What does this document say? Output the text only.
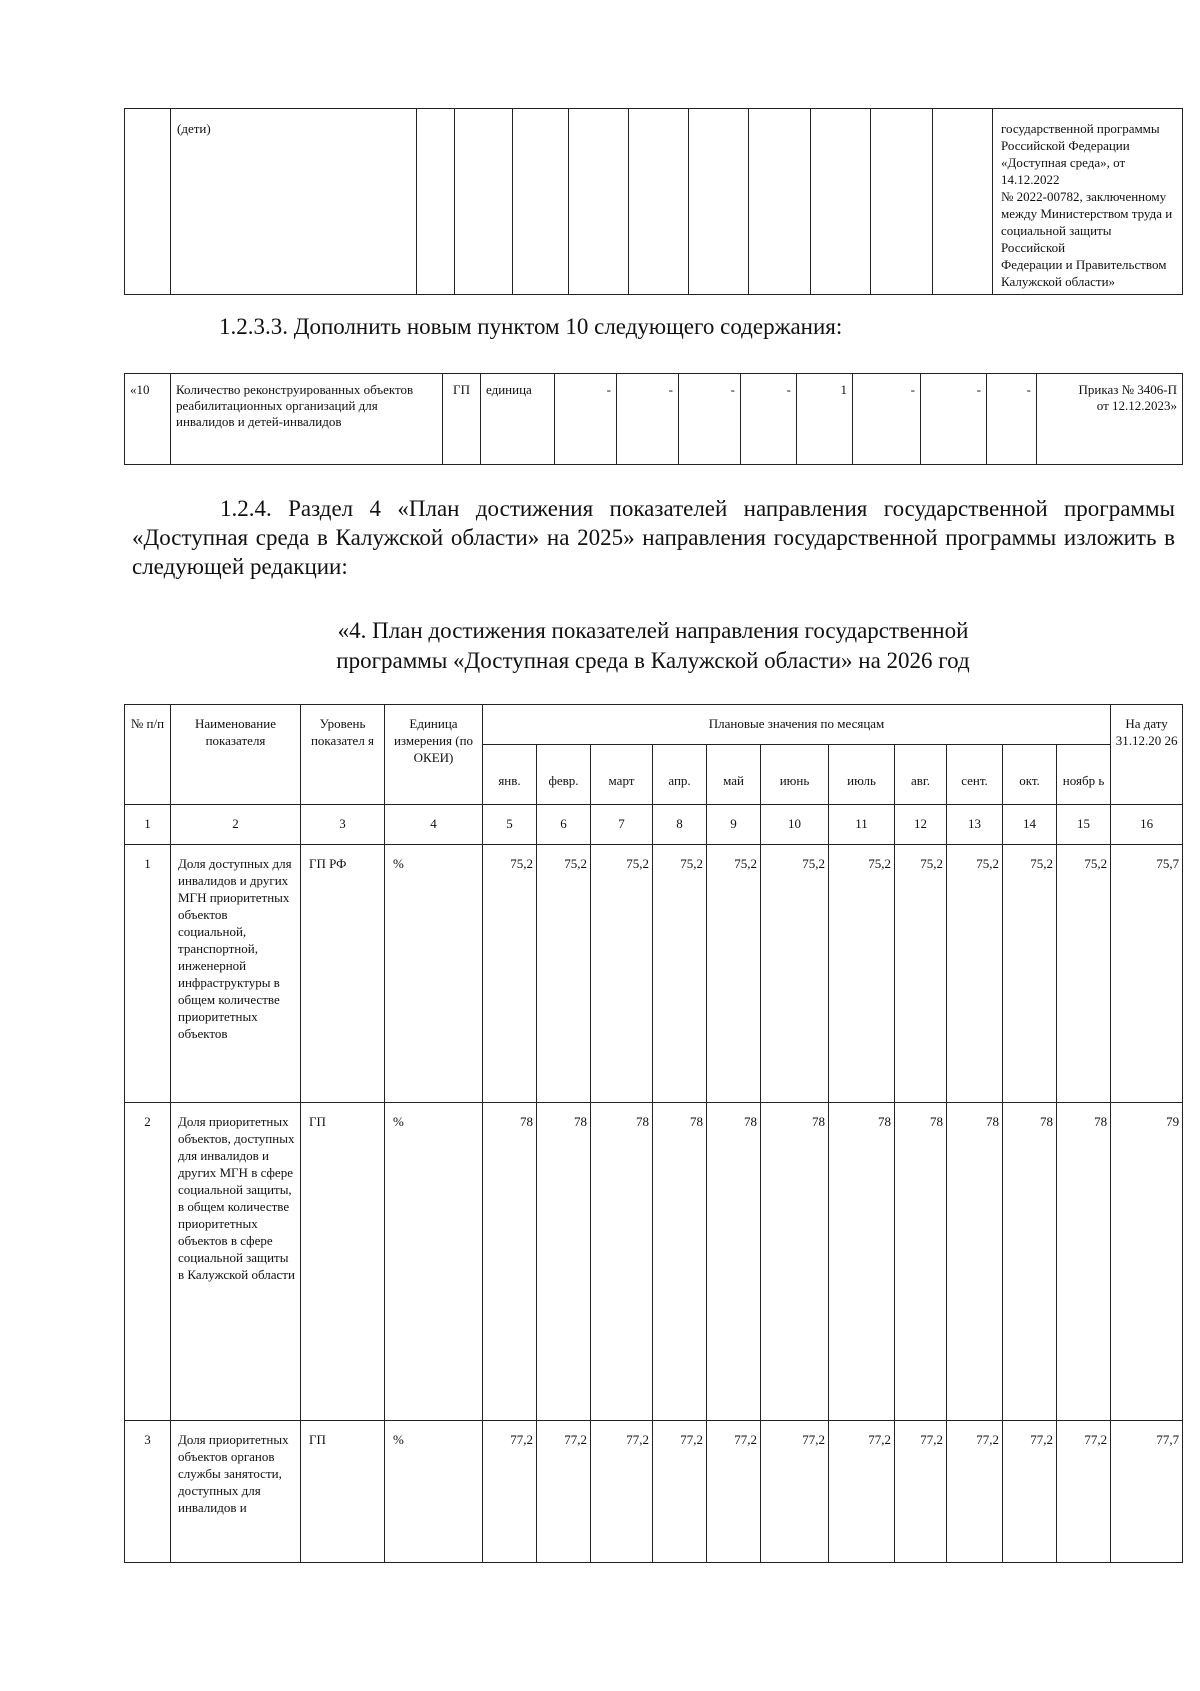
	(дети)											государственной программы
Российской Федерации
«Доступная среда», от 14.12.2022
№ 2022-00782, заключенному
между Министерством труда и
социальной защиты Российской
Федерации и Правительством
Калужской области»

1.2.3.3. Дополнить новым пунктом 10 следующего содержания:

«10	Количество реконструированных объектов реабилитационных организаций для инвалидов и детей-инвалидов	ГП	единица	-	-	-	-	1	-	-	-	Приказ № 3406-П
от 12.12.2023»

1.2.4. Раздел 4 «План достижения показателей направления государственной программы «Доступная среда в Калужской области» на 2025» направления государственной программы изложить в следующей редакции:

«4. План достижения показателей направления государственной
программы «Доступная среда в Калужской области» на 2026 год
№ п/п	Наименование показателя	Уровень показател я	Единица измерения (по ОКЕИ)	Плановые значения по месяцам											На дату 31.12.20 26
				янв.	февр.	март	апр.	май	июнь	июль	авг.	сент.	окт.	ноябр ь	
1	2	3	4	5	6	7	8	9	10	11	12	13	14	15	16
1	Доля доступных для инвалидов и других МГН приоритетных объектов социальной, транспортной, инженерной инфраструктуры в общем количестве приоритетных объектов	ГП РФ	%	75,2	75,2	75,2	75,2	75,2	75,2	75,2	75,2	75,2	75,2	75,2	75,7
2	Доля приоритетных объектов, доступных для инвалидов и других МГН в сфере социальной защиты, в общем количестве приоритетных объектов в сфере социальной защиты в Калужской области	ГП	%	78	78	78	78	78	78	78	78	78	78	78	79
3	Доля приоритетных объектов органов службы занятости, доступных для инвалидов и	ГП	%	77,2	77,2	77,2	77,2	77,2	77,2	77,2	77,2	77,2	77,2	77,2	77,7
